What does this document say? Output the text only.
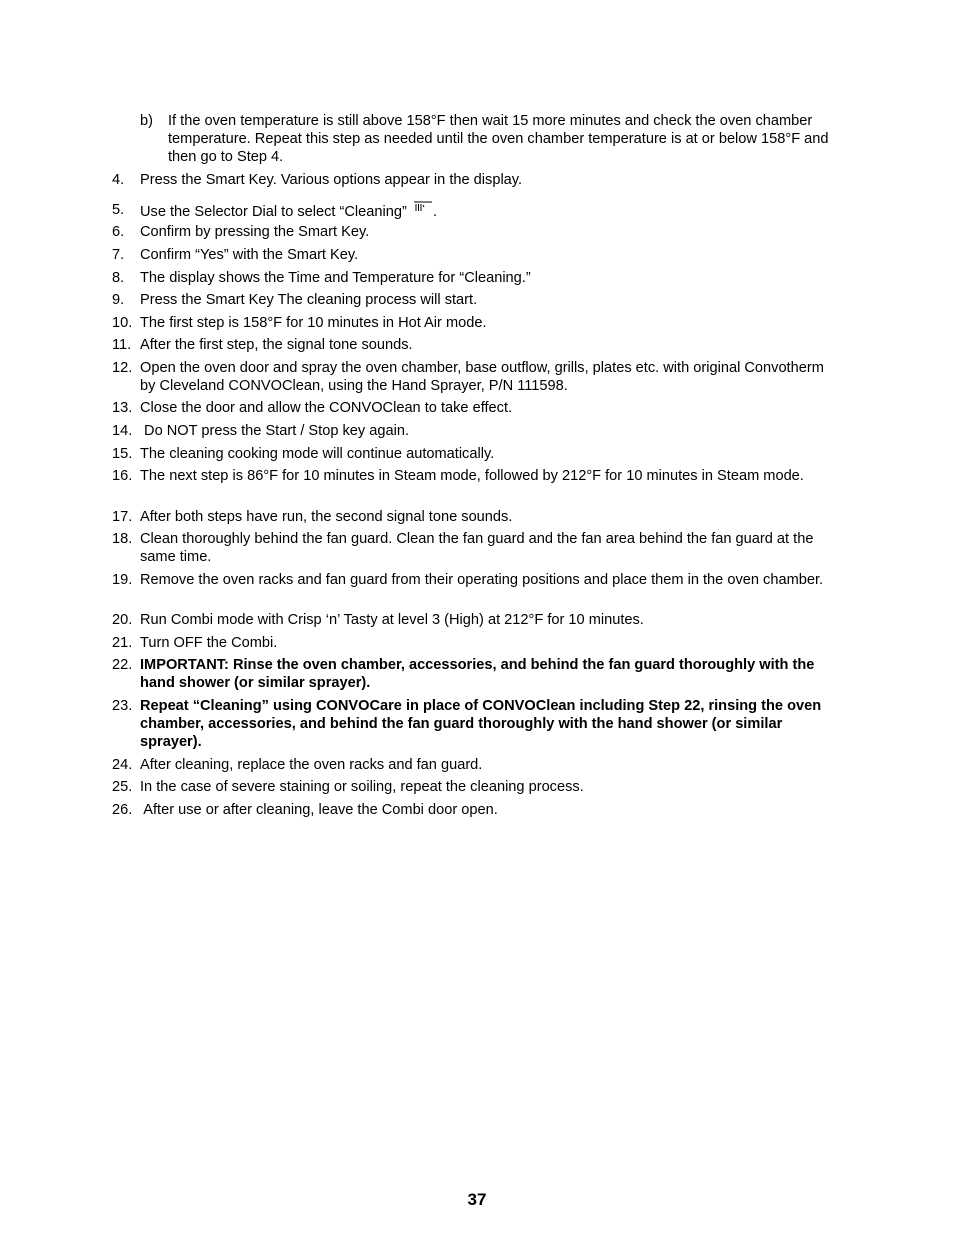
b) If the oven temperature is still above 158°F then wait 15 more minutes and check the oven chamber temperature. Repeat this step as needed until the oven chamber temperature is at or below 158°F and then go to Step 4.
4.	Press the Smart Key. Various options appear in the display.
5.	Use the Selector Dial to select “Cleaning” .
6.	Confirm by pressing the Smart Key.
7.	Confirm “Yes” with the Smart Key.
8.	The display shows the Time and Temperature for “Cleaning.”
9.	Press the Smart Key The cleaning process will start.
10. The first step is 158°F for 10 minutes in Hot Air mode.
11. After the first step, the signal tone sounds.
12. Open the oven door and spray the oven chamber, base outflow, grills, plates etc. with original Convotherm by Cleveland CONVOClean, using the Hand Sprayer, P/N 111598.
13. Close the door and allow the CONVOClean to take effect.
14. Do NOT press the Start / Stop key again.
15. The cleaning cooking mode will continue automatically.
16. The next step is 86°F for 10 minutes in Steam mode, followed by 212°F for 10 minutes in Steam mode.
17. After both steps have run, the second signal tone sounds.
18. Clean thoroughly behind the fan guard. Clean the fan guard and the fan area behind the fan guard at the same time.
19. Remove the oven racks and fan guard from their operating positions and place them in the oven chamber.
20. Run Combi mode with Crisp ‘n’ Tasty at level 3 (High) at 212°F for 10 minutes.
21. Turn OFF the Combi.
22. IMPORTANT: Rinse the oven chamber, accessories, and behind the fan guard thoroughly with the hand shower (or similar sprayer).
23. Repeat “Cleaning” using CONVOCare in place of CONVOClean including Step 22, rinsing the oven chamber, accessories, and behind the fan guard thoroughly with the hand shower (or similar sprayer).
24. After cleaning, replace the oven racks and fan guard.
25. In the case of severe staining or soiling, repeat the cleaning process.
26. After use or after cleaning, leave the Combi door open.
37
